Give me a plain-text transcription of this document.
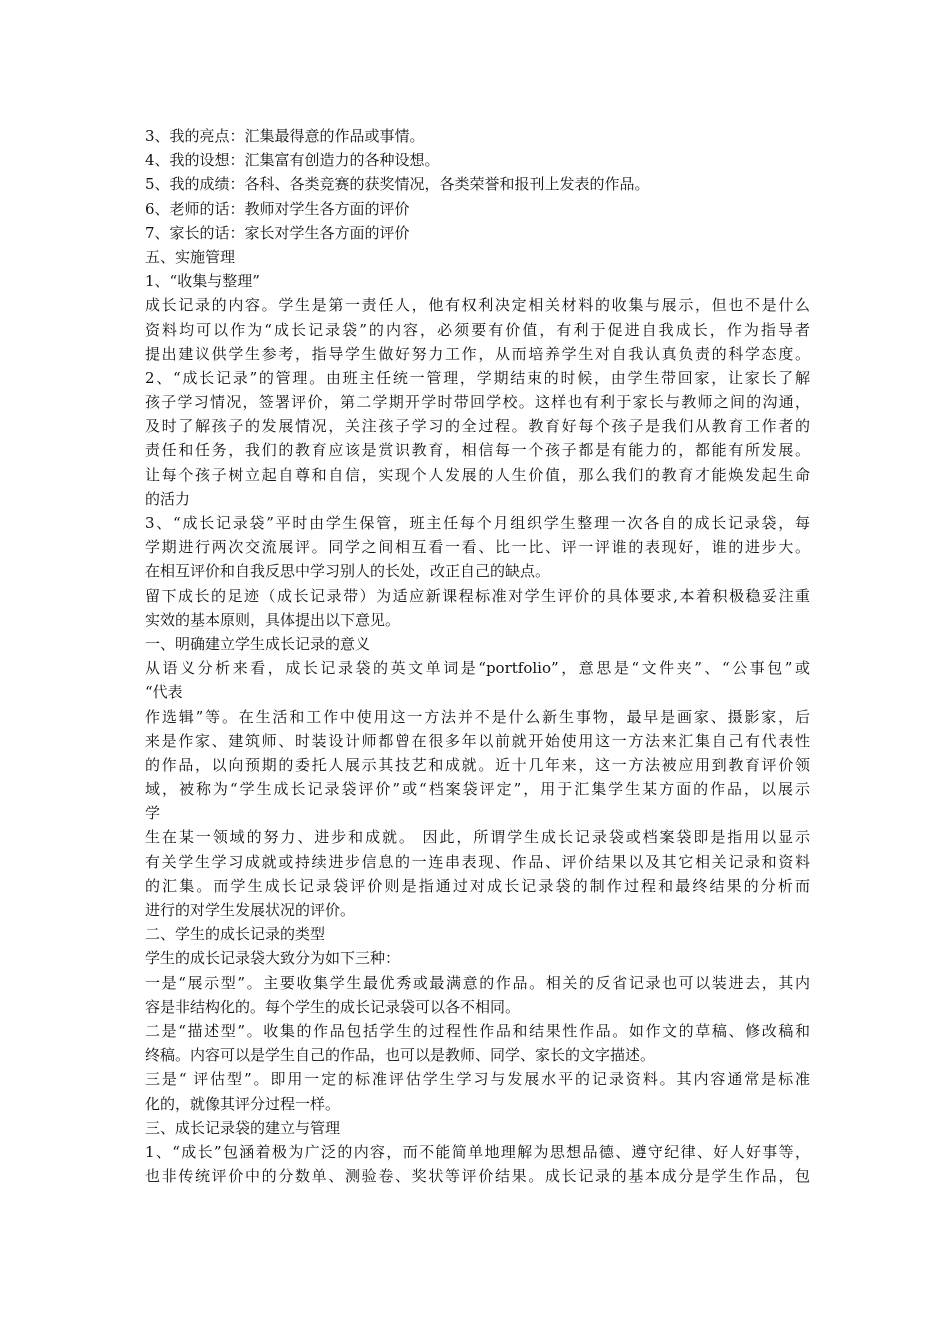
3、我的亮点：汇集最得意的作品或事情。
4、我的设想：汇集富有创造力的各种设想。
5、我的成绩：各科、各类竞赛的获奖情况，各类荣誉和报刊上发表的作品。
6、老师的话：教师对学生各方面的评价
7、家长的话：家长对学生各方面的评价
五、实施管理
1、“收集与整理”
成长记录的内容。学生是第一责任人，他有权利决定相关材料的收集与展示，但也不是什么
资料均可以作为“成长记录袋”的内容，必须要有价值，有利于促进自我成长，作为指导者
提出建议供学生参考，指导学生做好努力工作，从而培养学生对自我认真负责的科学态度。
2、“成长记录”的管理。由班主任统一管理，学期结束的时候，由学生带回家，让家长了解
孩子学习情况，签署评价，第二学期开学时带回学校。这样也有利于家长与教师之间的沟通，
及时了解孩子的发展情况，关注孩子学习的全过程。教育好每个孩子是我们从教育工作者的
责任和任务，我们的教育应该是赏识教育，相信每一个孩子都是有能力的，都能有所发展。
让每个孩子树立起自尊和自信，实现个人发展的人生价值，那么我们的教育才能焕发起生命
的活力
3、“成长记录袋”平时由学生保管，班主任每个月组织学生整理一次各自的成长记录袋，每
学期进行两次交流展评。同学之间相互看一看、比一比、评一评谁的表现好，谁的进步大。
在相互评价和自我反思中学习别人的长处，改正自己的缺点。
留下成长的足迹（成长记录带）为适应新课程标准对学生评价的具体要求,本着积极稳妥注重
实效的基本原则，具体提出以下意见。
一、明确建立学生成长记录的意义
从语义分析来看，成长记录袋的英文单词是“portfolio”，意思是“文件夹”、“公事包”或
“代表
作选辑”等。在生活和工作中使用这一方法并不是什么新生事物，最早是画家、摄影家，后
来是作家、建筑师、时装设计师都曾在很多年以前就开始使用这一方法来汇集自己有代表性
的作品，以向预期的委托人展示其技艺和成就。近十几年来，这一方法被应用到教育评价领
域，被称为“学生成长记录袋评价”或“档案袋评定”，用于汇集学生某方面的作品，以展示
学
生在某一领域的努力、进步和成就。 因此，所谓学生成长记录袋或档案袋即是指用以显示
有关学生学习成就或持续进步信息的一连串表现、作品、评价结果以及其它相关记录和资料
的汇集。而学生成长记录袋评价则是指通过对成长记录袋的制作过程和最终结果的分析而
进行的对学生发展状况的评价。
二、学生的成长记录的类型
学生的成长记录袋大致分为如下三种：
一是“展示型”。主要收集学生最优秀或最满意的作品。相关的反省记录也可以装进去，其内
容是非结构化的。每个学生的成长记录袋可以各不相同。
二是“描述型”。收集的作品包括学生的过程性作品和结果性作品。如作文的草稿、修改稿和
终稿。内容可以是学生自己的作品，也可以是教师、同学、家长的文字描述。
三是“ 评估型”。即用一定的标准评估学生学习与发展水平的记录资料。其内容通常是标准
化的，就像其评分过程一样。
三、成长记录袋的建立与管理
1、“成长”包涵着极为广泛的内容，而不能简单地理解为思想品德、遵守纪律、好人好事等，
也非传统评价中的分数单、测验卷、奖状等评价结果。成长记录的基本成分是学生作品，包
